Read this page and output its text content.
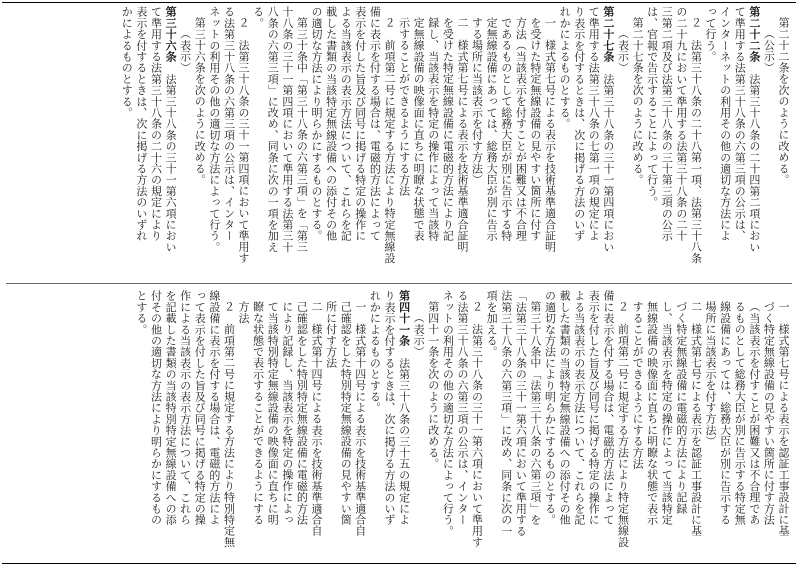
第二十二条を次のように改める。
（公示）
第二十二条　法第三十八条の二十四第二項におい
て準用する法第三十八条の六第三項の公示は、
インターネットの利用その他の適切な方法によ
って行う。
２　法第三十八条の二十八第一項、法第三十八条
の二十九において準用する法第三十八条の二十
三第二項及び法第三十八条の三十第三項の公示
は、官報で告示することによって行う。
第二十七条を次のように改める。
（表示）
第二十七条　法第三十八条の三十一第四項におい
て準用する法第三十八条の七第一項の規定によ
り表示を付するときは、次に掲げる方法のいず
れかによるものとする。
一　様式第七号による表示を技術基準適合証明
を受けた特定無線設備の見やすい箇所に付す
方法（当該表示を付すことが困難又は不合理
であるものとして総務大臣が別に告示する特
定無線設備にあっては、総務大臣が別に告示
する場所に当該表示を付す方法）
二　様式第七号による表示を技術基準適合証明
を受けた特定無線設備に電磁的方法により記
録し、当該表示を特定の操作によって当該特
定無線設備の映像面に直ちに明瞭な状態で表
示することができるようにする方法
２　前項第二号に規定する方法により特定無線設
備に表示を付する場合は、電磁的方法によって
表示を付した旨及び同号に掲げる特定の操作に
よる当該表示の表示方法について、これらを記
載した書類の当該特定無線設備への添付その他
の適切な方法により明らかにするものとする。
第三十条中「第三十八条の六第三項」を「第三
十八条の三十一第四項において準用する法第三十
八条の六第三項」に改め、同条に次の一項を加え
る。
２　法第三十八条の三十一第四項において準用す
る法第三十八条の六第三項の公示は、インター
ネットの利用その他の適切な方法によって行う。
第三十六条を次のように改める。
（表示）
第三十六条　法第三十八条の三十一第六項におい
て準用する法第三十八条の二十六の規定により
表示を付するときは、次に掲げる方法のいずれ
かによるものとする。
一　様式第七号による表示を認証工事設計に基
づく特定無線設備の見やすい箇所に付す方法
（当該表示を付すことが困難又は不合理であ
るものとして総務大臣が別に告示する特定無
線設備にあっては、総務大臣が別に告示する
場所に当該表示を付す方法）
二　様式第七号による表示を認証工事設計に基
づく特定無線設備に電磁的方法により記録
し、当該表示を特定の操作によって当該特定
無線設備の映像面に直ちに明瞭な状態で表示
することができるようにする方法
２　前項第二号に規定する方法により特定無線設
備に表示を付する場合は、電磁的方法によって
表示を付した旨及び同号に掲げる特定の操作に
よる当該表示の表示方法について、これらを記
載した書類の当該特定無線設備への添付その他
の適切な方法により明らかにするものとする。
第三十八条中「法第三十八条の六第三項」を
「法第三十八条の三十一第六項において準用する
法第三十八条の六第三項」に改め、同条に次の一
項を加える。
２　法第三十八条の三十一第六項において準用す
る法第三十八条の六第三項の公示は、インター
ネットの利用その他の適切な方法によって行う。
第四十一条を次のように改める。
（表示）
第四十一条　法第三十八条の三十五の規定によ
り表示を付するときは、次に掲げる方法のいず
れかによるものとする。
一　様式第十四号による表示を技術基準適合自
己確認をした特別特定無線設備の見やすい箇
所に付す方法
二　様式第十四号による表示を技術基準適合自
己確認をした特別特定無線設備に電磁的方法
により記録し、当該表示を特定の操作によっ
て当該特別特定無線設備の映像面に直ちに明
瞭な状態で表示することができるようにする
方法
２　前項第二号に規定する方法により特別特定無
線設備に表示を付する場合は、電磁的方法によ
って表示を付した旨及び同号に掲げる特定の操
作による当該表示の表示方法について、これら
を記載した書類の当該特別特定無線設備への添
付その他の適切な方法により明らかにするもの
とする。
